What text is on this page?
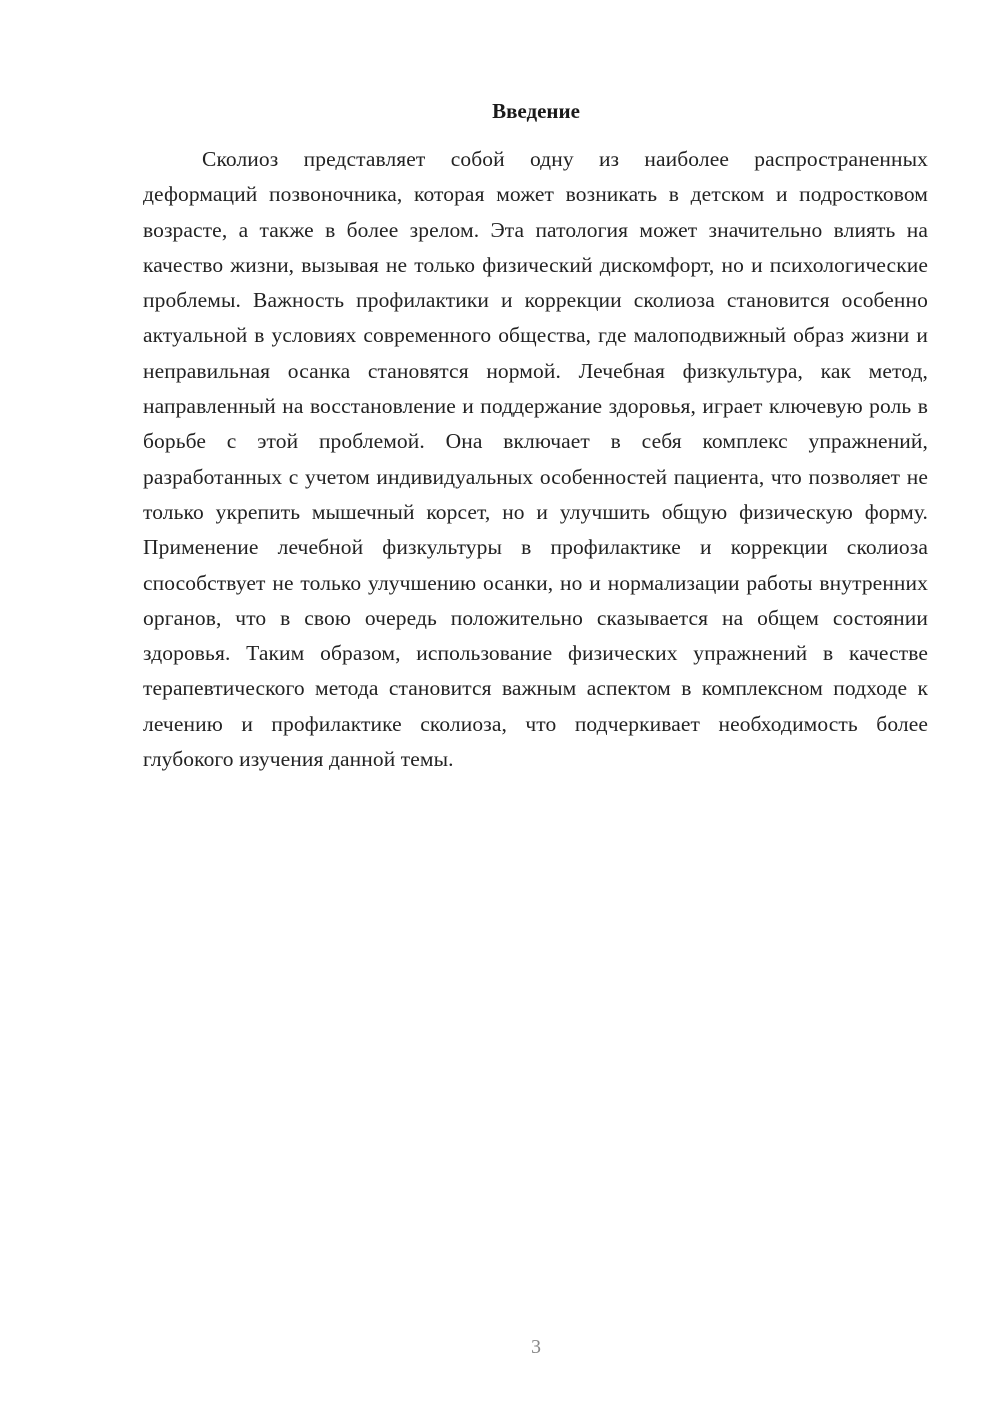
Введение

Сколиоз представляет собой одну из наиболее распространенных деформаций позвоночника, которая может возникать в детском и подростковом возрасте, а также в более зрелом. Эта патология может значительно влиять на качество жизни, вызывая не только физический дискомфорт, но и психологические проблемы. Важность профилактики и коррекции сколиоза становится особенно актуальной в условиях современного общества, где малоподвижный образ жизни и неправильная осанка становятся нормой. Лечебная физкультура, как метод, направленный на восстановление и поддержание здоровья, играет ключевую роль в борьбе с этой проблемой. Она включает в себя комплекс упражнений, разработанных с учетом индивидуальных особенностей пациента, что позволяет не только укрепить мышечный корсет, но и улучшить общую физическую форму. Применение лечебной физкультуры в профилактике и коррекции сколиоза способствует не только улучшению осанки, но и нормализации работы внутренних органов, что в свою очередь положительно сказывается на общем состоянии здоровья. Таким образом, использование физических упражнений в качестве терапевтического метода становится важным аспектом в комплексном подходе к лечению и профилактике сколиоза, что подчеркивает необходимость более глубокого изучения данной темы.

3
